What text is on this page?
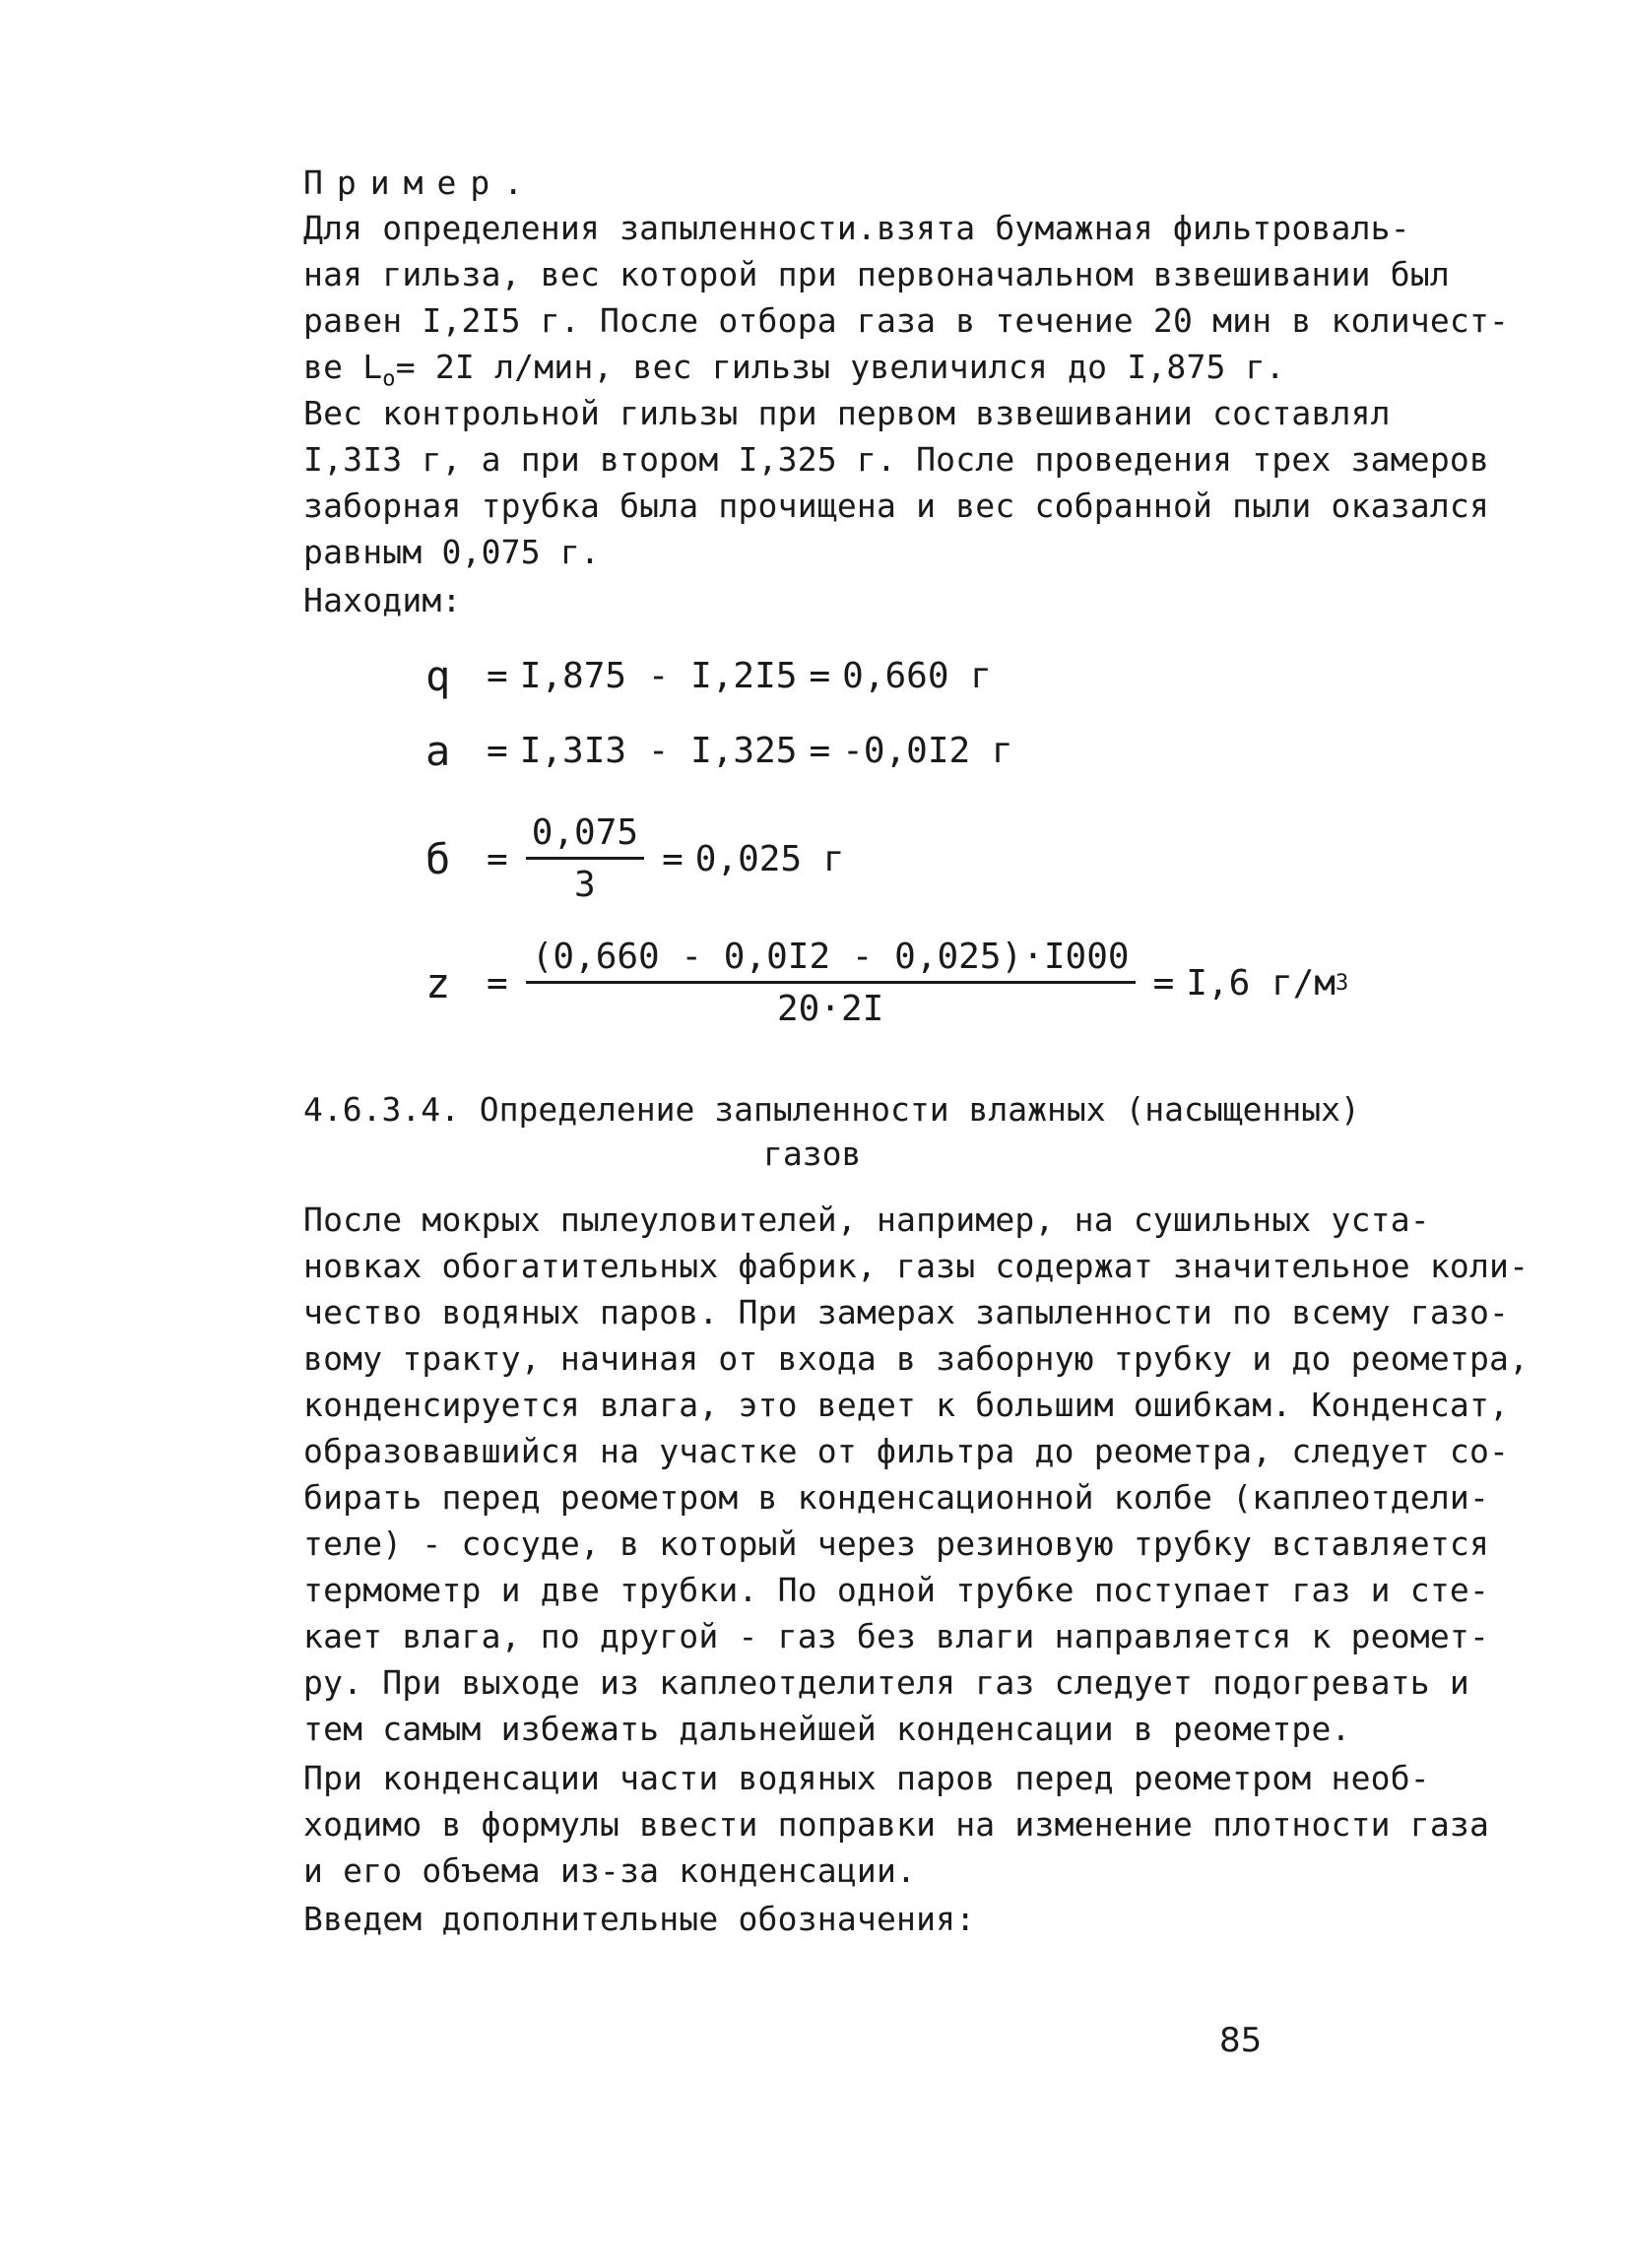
Пример.
Для определения запыленности.взята бумажная фильтроваль-
ная гильза, вес которой при первоначальном взвешивании был
равен I,2I5 г. После отбора газа в течение 20 мин в количест-
ве $L_o= 2I$ л/мин, вес гильзы увеличился до I,875 г.
Вес контрольной гильзы при первом взвешивании составлял
I,3I3 г, а при втором I,325 г. После проведения трех замеров
заборная трубка была прочищена и вес собранной пыли оказался
равным 0,075 г.
Находим:
q	= I,875 - I,2I5 = 0,660 г
a	= I,3I3 - I,325 = -0,0I2 г
б	= $\frac{0,075}{3} = 0,025$ г
z	= $\frac{(0,660 - 0,0I2 - 0,025)\cdot I000}{20\cdot 2I} = I,6$ г/м 3
4.6.3.4. Определение запыленности влажных (насыщенных)
газов
После мокрых пылеуловителей, например, на сушильных уста-
новках обогатительных фабрик, газы содержат значительное коли-
чество водяных паров. При замерах запыленности по всему газо-
вому тракту, начиная от входа в заборную трубку и до реометра,
конденсируется влага, это ведет к большим ошибкам. Конденсат,
образовавшийся на участке от фильтра до реометра, следует со-
бирать перед реометром в конденсационной колбе (каплеотдели-
теле) - сосуде, в который через резиновую трубку вставляется
термометр и две трубки. По одной трубке поступает газ и сте-
кает влага, по другой - газ без влаги направляется к реомет-
ру. При выходе из каплеотделителя газ следует подогревать и
тем самым избежать дальнейшей конденсации в реометре.
При конденсации части водяных паров перед реометром необ-
ходимо в формулы ввести поправки на изменение плотности газа
и его объема из-за конденсации.
Введем дополнительные обозначения:
85
